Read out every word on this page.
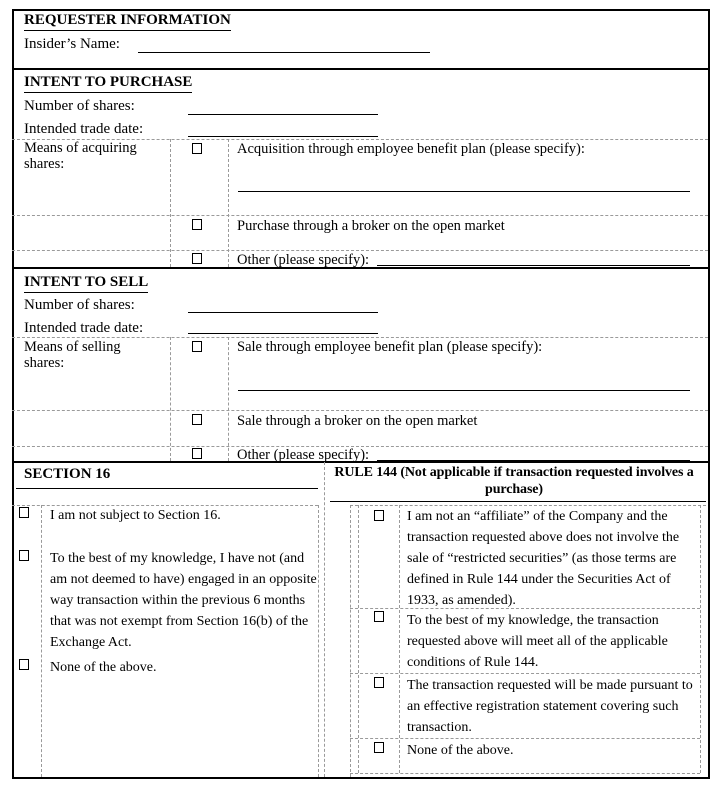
REQUESTER INFORMATION
Insider’s Name:
INTENT TO PURCHASE
Number of shares:
Intended trade date:
Means of acquiring shares:
Acquisition through employee benefit plan (please specify):
Purchase through a broker on the open market
Other (please specify):
INTENT TO SELL
Number of shares:
Intended trade date:
Means of selling shares:
Sale through employee benefit plan (please specify):
Sale through a broker on the open market
Other (please specify):
SECTION 16
I am not subject to Section 16.
To the best of my knowledge, I have not (and am not deemed to have) engaged in an opposite way transaction within the previous 6 months that was not exempt from Section 16(b) of the Exchange Act.
None of the above.
RULE 144 (Not applicable if transaction requested involves a purchase)
I am not an “affiliate” of the Company and the transaction requested above does not involve the sale of “restricted securities” (as those terms are defined in Rule 144 under the Securities Act of 1933, as amended).
To the best of my knowledge, the transaction requested above will meet all of the applicable conditions of Rule 144.
The transaction requested will be made pursuant to an effective registration statement covering such transaction.
None of the above.
